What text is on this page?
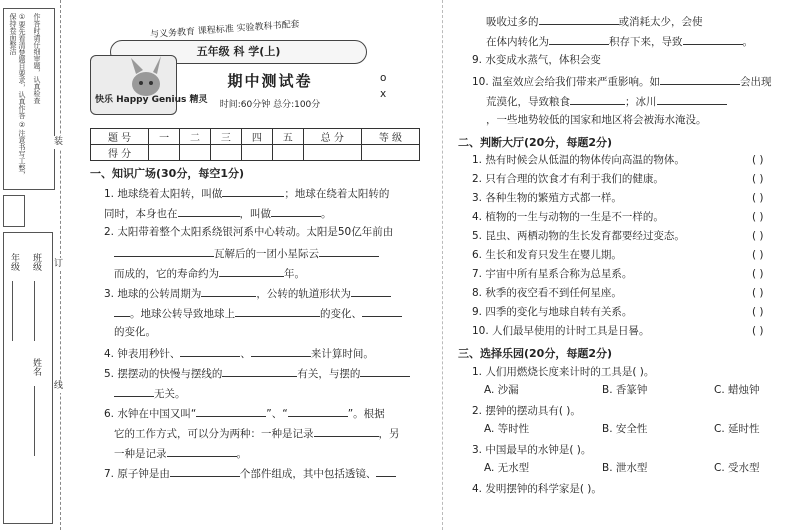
①要先看清楚题目要求，认真作答 ②注意书写工整，保持卷面整洁	作答时请仔细审题，认真检查
年级 班级
姓名
装
订
线
与义务教育 课程标准 实验教科书配套
五年级 科 学(上)
快乐 Happy Genius 精灵
期中测试卷
时间:60分钟 总分:100分
o
x
题 号	一	二	三	四	五	总 分	等 级
得 分							
一、知识广场(30分，每空1分)
1. 地球绕着太阳转，叫做	；地球在绕着太阳转的
同时，本身也在	，叫做	。
2. 太阳带着整个太阳系绕银河系中心转动。太阳是50亿年前由
瓦解后的一团小星际云
而成的，它的寿命约为	年。
3. 地球的公转周期为	，公转的轨道形状为
。地球公转导致地球上	的变化、
的变化。
4. 钟表用秒针、	、	来计算时间。
5. 摆摆动的快慢与摆线的	有关，与摆的
无关。
6. 水钟在中国又叫“	”、“	”。根据
它的工作方式，可以分为两种：一种是记录	，另
一种是记录	。
7. 原子钟是由	个部件组成，其中包括透镜、
吸收过多的	或消耗太少，会使
在体内转化为	积存下来，导致	。
9. 水变成水蒸气，体积会变
10. 温室效应会给我们带来严重影响。如	会出现
荒漠化，导致粮食	；冰川
，一些地势较低的国家和地区将会被海水淹没。
二、判断大厅(20分，每题2分)
1. 热有时候会从低温的物体传向高温的物体。	( )
2. 只有合理的饮食才有利于我们的健康。	( )
3. 各种生物的繁殖方式都一样。	( )
4. 植物的一生与动物的一生是不一样的。	( )
5. 昆虫、两栖动物的生长发育都要经过变态。	( )
6. 生长和发育只发生在婴儿期。	( )
7. 宇宙中所有星系合称为总星系。	( )
8. 秋季的夜空看不到任何星座。	( )
9. 四季的变化与地球自转有关系。	( )
10. 人们最早使用的计时工具是日晷。	( )
三、选择乐园(20分，每题2分)
1. 人们用燃烧长度来计时的工具是( )。
A. 沙漏	B. 香篆钟	C. 蜡烛钟
2. 摆钟的摆动具有( )。
A. 等时性	B. 安全性	C. 延时性
3. 中国最早的水钟是( )。
A. 无水型	B. 泄水型	C. 受水型
4. 发明摆钟的科学家是( )。
